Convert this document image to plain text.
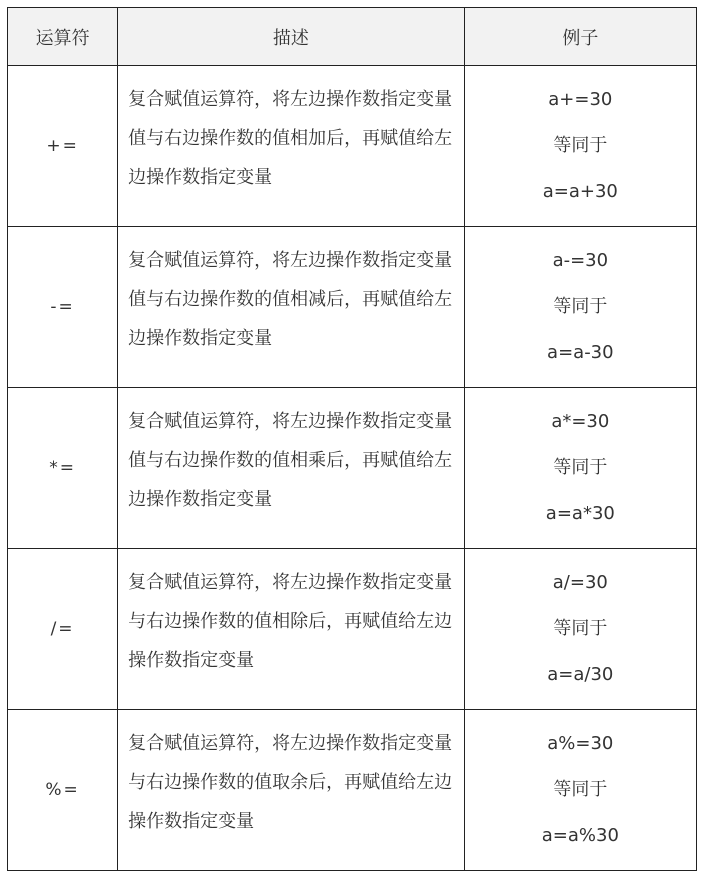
运算符	描述	例子
+=	复合赋值运算符，将左边操作数指定变量值与右边操作数的值相加后，再赋值给左边操作数指定变量	a+=30
等同于
a=a+30

-=	复合赋值运算符，将左边操作数指定变量值与右边操作数的值相减后，再赋值给左边操作数指定变量	a-=30
等同于
a=a-30

*=	复合赋值运算符，将左边操作数指定变量值与右边操作数的值相乘后，再赋值给左边操作数指定变量	a*=30
等同于
a=a*30

/=	复合赋值运算符，将左边操作数指定变量与右边操作数的值相除后，再赋值给左边操作数指定变量	a/=30
等同于
a=a/30

%=	复合赋值运算符，将左边操作数指定变量与右边操作数的值取余后，再赋值给左边操作数指定变量	a%=30
等同于
a=a%30
